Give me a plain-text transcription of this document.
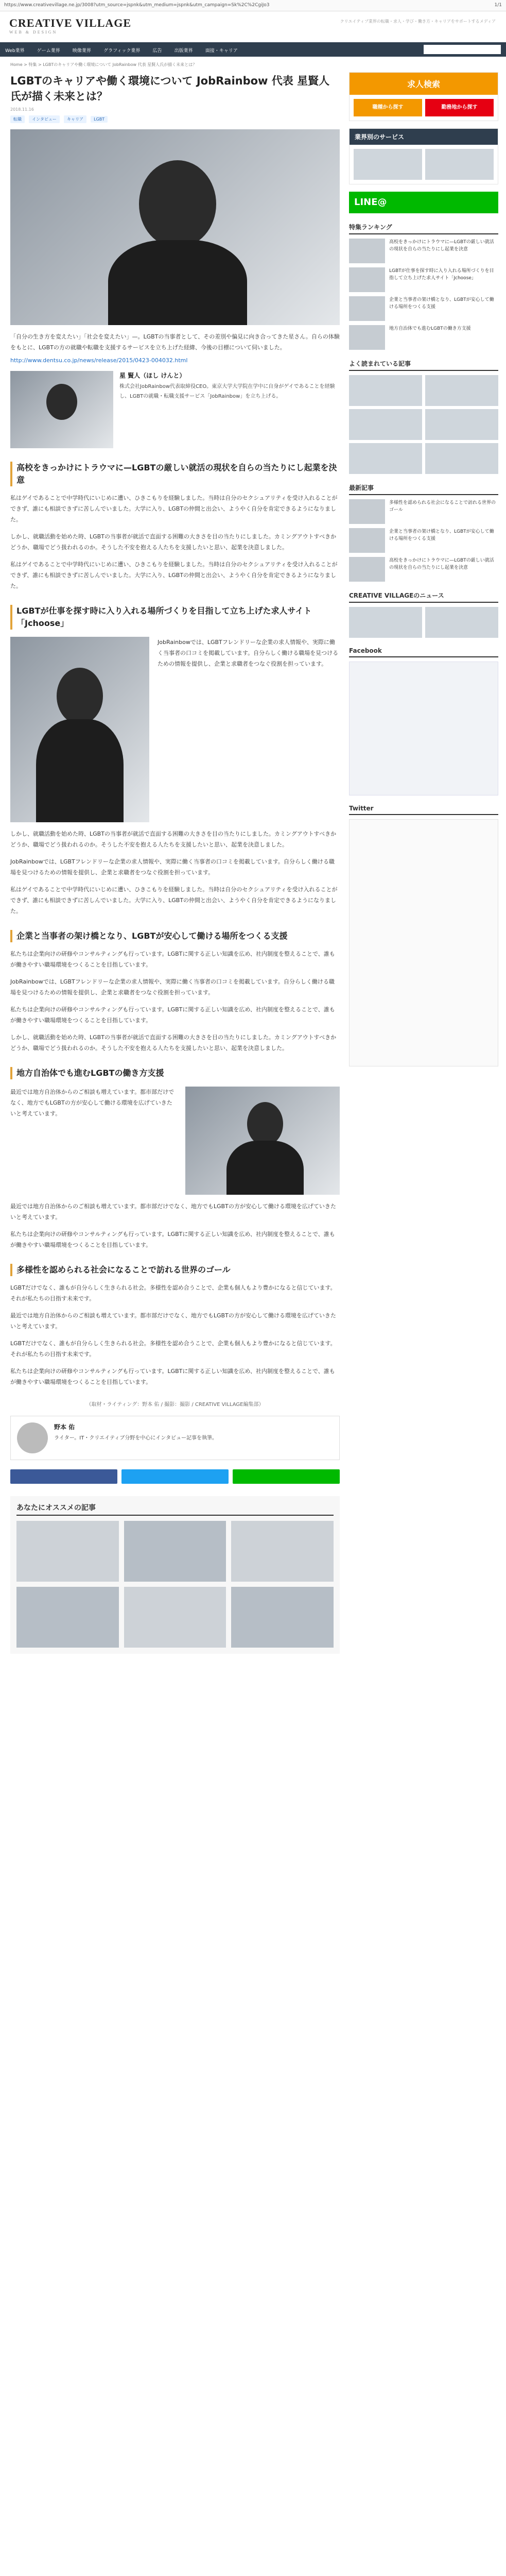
https://www.creativevillage.ne.jp/3008?utm_source=jspnk&utm_medium=jspnk&utm_campaign=Sk%2C%2CgiJo3	1/1
CREATIVE VILLAGE
WEB & DESIGN
クリエイティブ業界の転職・求人・学び・働き方・キャリアをサポートするメディア
Web業界	ゲーム業界	映像業界	グラフィック業界	広告	出版業界	面接・キャリア
Home > 特集 > LGBTのキャリアや働く環境について JobRainbow 代表 星賢人氏が描く未来とは？
LGBTのキャリアや働く環境について JobRainbow 代表 星賢人氏が描く未来とは？
2018.11.16
転職	インタビュー	キャリア	LGBT
「自分の生き方を変えたい」「社会を変えたい」—。LGBTの当事者として、その差別や偏見に向き合ってきた星さん。自らの体験をもとに、LGBTの方の就職や転職を支援するサービスを立ち上げた経緯、今後の目標について伺いました。
http://www.dentsu.co.jp/news/release/2015/0423-004032.html
星 賢人（ほし けんと）
株式会社JobRainbow代表取締役CEO。東京大学大学院在学中に自身がゲイであることを経験し、LGBTの就職・転職支援サービス「JobRainbow」を立ち上げる。
高校をきっかけにトラウマに—LGBTの厳しい就活の現状を自らの当たりにし起業を決意
私はゲイであることで中学時代にいじめに遭い、ひきこもりを経験しました。当時は自分のセクシュアリティを受け入れることができず、誰にも相談できずに苦しんでいました。大学に入り、LGBTの仲間と出会い、ようやく自分を肯定できるようになりました。
しかし、就職活動を始めた時、LGBTの当事者が就活で直面する困難の大きさを目の当たりにしました。カミングアウトすべきかどうか、職場でどう扱われるのか。そうした不安を抱える人たちを支援したいと思い、起業を決意しました。
私はゲイであることで中学時代にいじめに遭い、ひきこもりを経験しました。当時は自分のセクシュアリティを受け入れることができず、誰にも相談できずに苦しんでいました。大学に入り、LGBTの仲間と出会い、ようやく自分を肯定できるようになりました。
LGBTが仕事を探す時に入り入れる場所づくりを目指して立ち上げた求人サイト「Jchoose」
JobRainbowでは、LGBTフレンドリーな企業の求人情報や、実際に働く当事者の口コミを掲載しています。自分らしく働ける職場を見つけるための情報を提供し、企業と求職者をつなぐ役割を担っています。
しかし、就職活動を始めた時、LGBTの当事者が就活で直面する困難の大きさを目の当たりにしました。カミングアウトすべきかどうか、職場でどう扱われるのか。そうした不安を抱える人たちを支援したいと思い、起業を決意しました。
JobRainbowでは、LGBTフレンドリーな企業の求人情報や、実際に働く当事者の口コミを掲載しています。自分らしく働ける職場を見つけるための情報を提供し、企業と求職者をつなぐ役割を担っています。
私はゲイであることで中学時代にいじめに遭い、ひきこもりを経験しました。当時は自分のセクシュアリティを受け入れることができず、誰にも相談できずに苦しんでいました。大学に入り、LGBTの仲間と出会い、ようやく自分を肯定できるようになりました。
企業と当事者の架け橋となり、LGBTが安心して働ける場所をつくる支援
私たちは企業向けの研修やコンサルティングも行っています。LGBTに関する正しい知識を広め、社内制度を整えることで、誰もが働きやすい職場環境をつくることを目指しています。
JobRainbowでは、LGBTフレンドリーな企業の求人情報や、実際に働く当事者の口コミを掲載しています。自分らしく働ける職場を見つけるための情報を提供し、企業と求職者をつなぐ役割を担っています。
私たちは企業向けの研修やコンサルティングも行っています。LGBTに関する正しい知識を広め、社内制度を整えることで、誰もが働きやすい職場環境をつくることを目指しています。
しかし、就職活動を始めた時、LGBTの当事者が就活で直面する困難の大きさを目の当たりにしました。カミングアウトすべきかどうか、職場でどう扱われるのか。そうした不安を抱える人たちを支援したいと思い、起業を決意しました。
地方自治体でも進むLGBTの働き方支援
最近では地方自治体からのご相談も増えています。都市部だけでなく、地方でもLGBTの方が安心して働ける環境を広げていきたいと考えています。
最近では地方自治体からのご相談も増えています。都市部だけでなく、地方でもLGBTの方が安心して働ける環境を広げていきたいと考えています。
私たちは企業向けの研修やコンサルティングも行っています。LGBTに関する正しい知識を広め、社内制度を整えることで、誰もが働きやすい職場環境をつくることを目指しています。
多様性を認められる社会になることで訪れる世界のゴール
LGBTだけでなく、誰もが自分らしく生きられる社会。多様性を認め合うことで、企業も個人もより豊かになると信じています。それが私たちの目指す未来です。
最近では地方自治体からのご相談も増えています。都市部だけでなく、地方でもLGBTの方が安心して働ける環境を広げていきたいと考えています。
LGBTだけでなく、誰もが自分らしく生きられる社会。多様性を認め合うことで、企業も個人もより豊かになると信じています。それが私たちの目指す未来です。
私たちは企業向けの研修やコンサルティングも行っています。LGBTに関する正しい知識を広め、社内制度を整えることで、誰もが働きやすい職場環境をつくることを目指しています。
（取材・ライティング：野本 佑 / 撮影：撮影 / CREATIVE VILLAGE編集部）
野本 佑
ライター。IT・クリエイティブ分野を中心にインタビュー記事を執筆。
あなたにオススメの記事
求人検索
職種から探す	勤務地から探す
業界別のサービス
LINE@
特集ランキング
高校をきっかけにトラウマに—LGBTの厳しい就活の現状を自らの当たりにし起業を決意
LGBTが仕事を探す時に入り入れる場所づくりを目指して立ち上げた求人サイト「Jchoose」
企業と当事者の架け橋となり、LGBTが安心して働ける場所をつくる支援
地方自治体でも進むLGBTの働き方支援
よく読まれている記事
最新記事
多様性を認められる社会になることで訪れる世界のゴール
企業と当事者の架け橋となり、LGBTが安心して働ける場所をつくる支援
高校をきっかけにトラウマに—LGBTの厳しい就活の現状を自らの当たりにし起業を決意
CREATIVE VILLAGEのニュース
Facebook
Twitter
